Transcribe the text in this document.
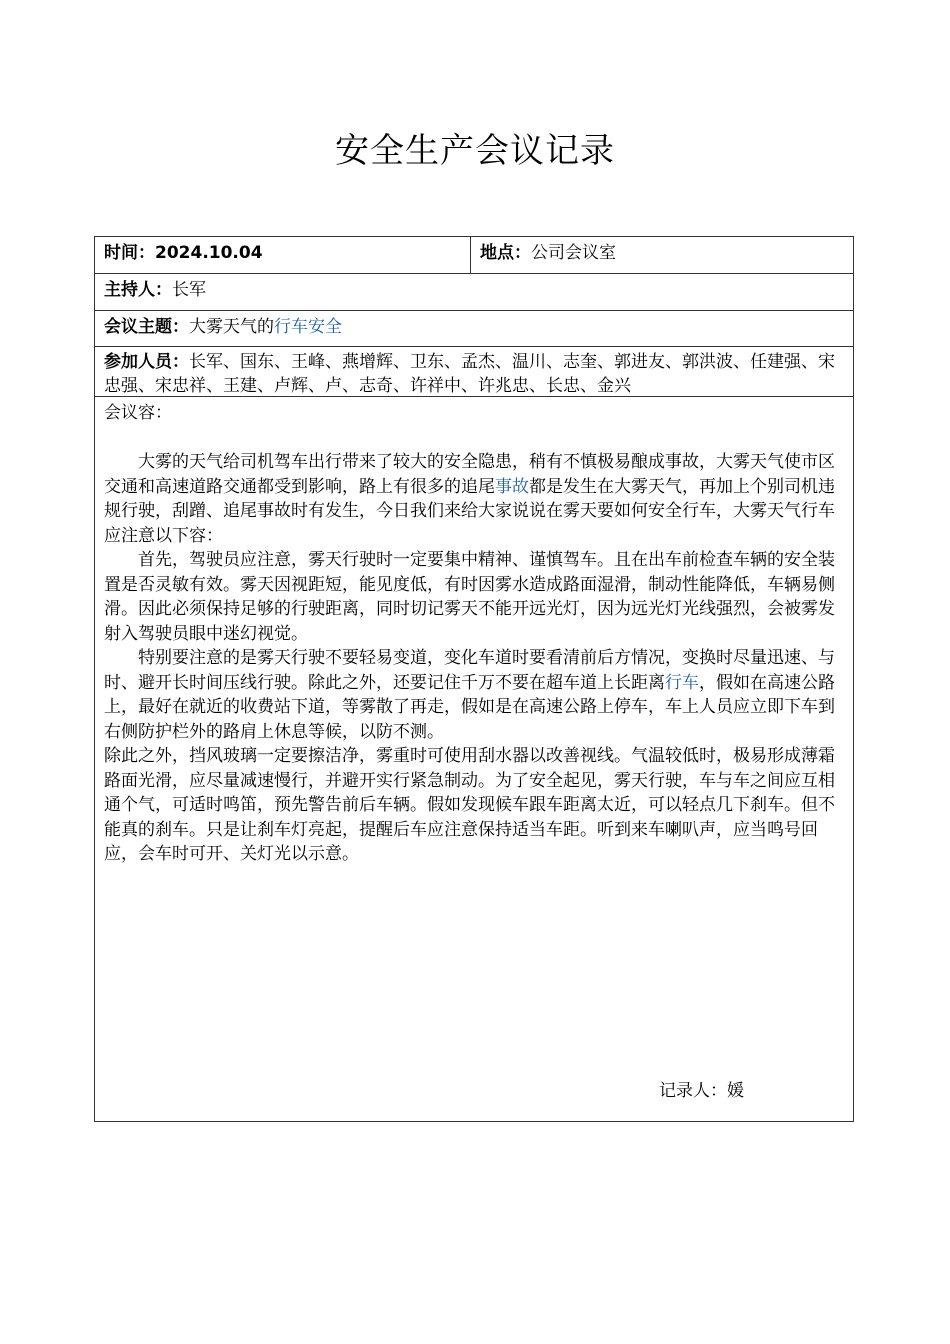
安全生产会议记录
时间：2024.10.04	地点：公司会议室
主持人：长军
会议主题：大雾天气的行车安全
参加人员：长军、国东、王峰、燕增辉、卫东、孟杰、温川、志奎、郭进友、郭洪波、任建强、宋忠强、宋忠祥、王建、卢辉、卢、志奇、许祥中、许兆忠、长忠、金兴

会议容：

大雾的天气给司机驾车出行带来了较大的安全隐患，稍有不慎极易酿成事故，大雾天气使市区交通和高速道路交通都受到影响，路上有很多的追尾事故都是发生在大雾天气，再加上个别司机违规行驶，刮蹭、追尾事故时有发生，今日我们来给大家说说在雾天要如何安全行车，大雾天气行车应注意以下容：

首先，驾驶员应注意，雾天行驶时一定要集中精神、谨慎驾车。且在出车前检查车辆的安全装置是否灵敏有效。雾天因视距短，能见度低，有时因雾水造成路面湿滑，制动性能降低，车辆易侧滑。因此必须保持足够的行驶距离，同时切记雾天不能开远光灯，因为远光灯光线强烈，会被雾发射入驾驶员眼中迷幻视觉。

特别要注意的是雾天行驶不要轻易变道，变化车道时要看清前后方情况，变换时尽量迅速、与时、避开长时间压线行驶。除此之外，还要记住千万不要在超车道上长距离行车，假如在高速公路上，最好在就近的收费站下道，等雾散了再走，假如是在高速公路上停车，车上人员应立即下车到右侧防护栏外的路肩上休息等候，以防不测。

除此之外，挡风玻璃一定要擦洁净，雾重时可使用刮水器以改善视线。气温较低时，极易形成薄霜路面光滑，应尽量减速慢行，并避开实行紧急制动。为了安全起见，雾天行驶，车与车之间应互相通个气，可适时鸣笛，预先警告前后车辆。假如发现候车跟车距离太近，可以轻点几下刹车。但不能真的刹车。只是让刹车灯亮起，提醒后车应注意保持适当车距。听到来车喇叭声，应当鸣号回应，会车时可开、关灯光以示意。

记录人：媛
